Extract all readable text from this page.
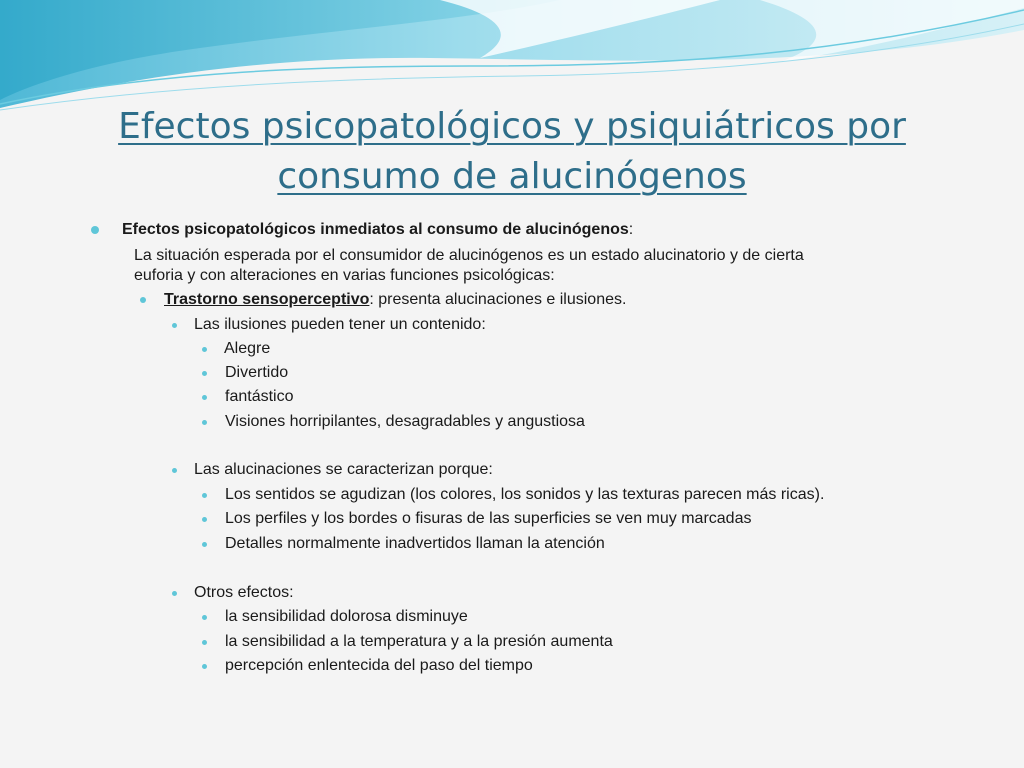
Efectos psicopatológicos y psiquiátricos por
consumo de alucinógenos
Efectos psicopatológicos inmediatos al consumo de alucinógenos:
La situación esperada por el consumidor de alucinógenos es un estado alucinatorio y de cierta
euforia y con alteraciones en varias funciones psicológicas:
Trastorno sensoperceptivo: presenta alucinaciones e ilusiones.
Las ilusiones pueden tener un contenido:
Alegre
Divertido
fantástico
Visiones horripilantes, desagradables y angustiosa
Las alucinaciones se caracterizan porque:
Los sentidos se agudizan (los colores, los sonidos y las texturas parecen más ricas).
Los perfiles y los bordes o fisuras de las superficies se ven muy marcadas
Detalles normalmente inadvertidos llaman la atención
Otros efectos:
la sensibilidad dolorosa disminuye
la sensibilidad a la temperatura y a la presión aumenta
percepción enlentecida del paso del tiempo
